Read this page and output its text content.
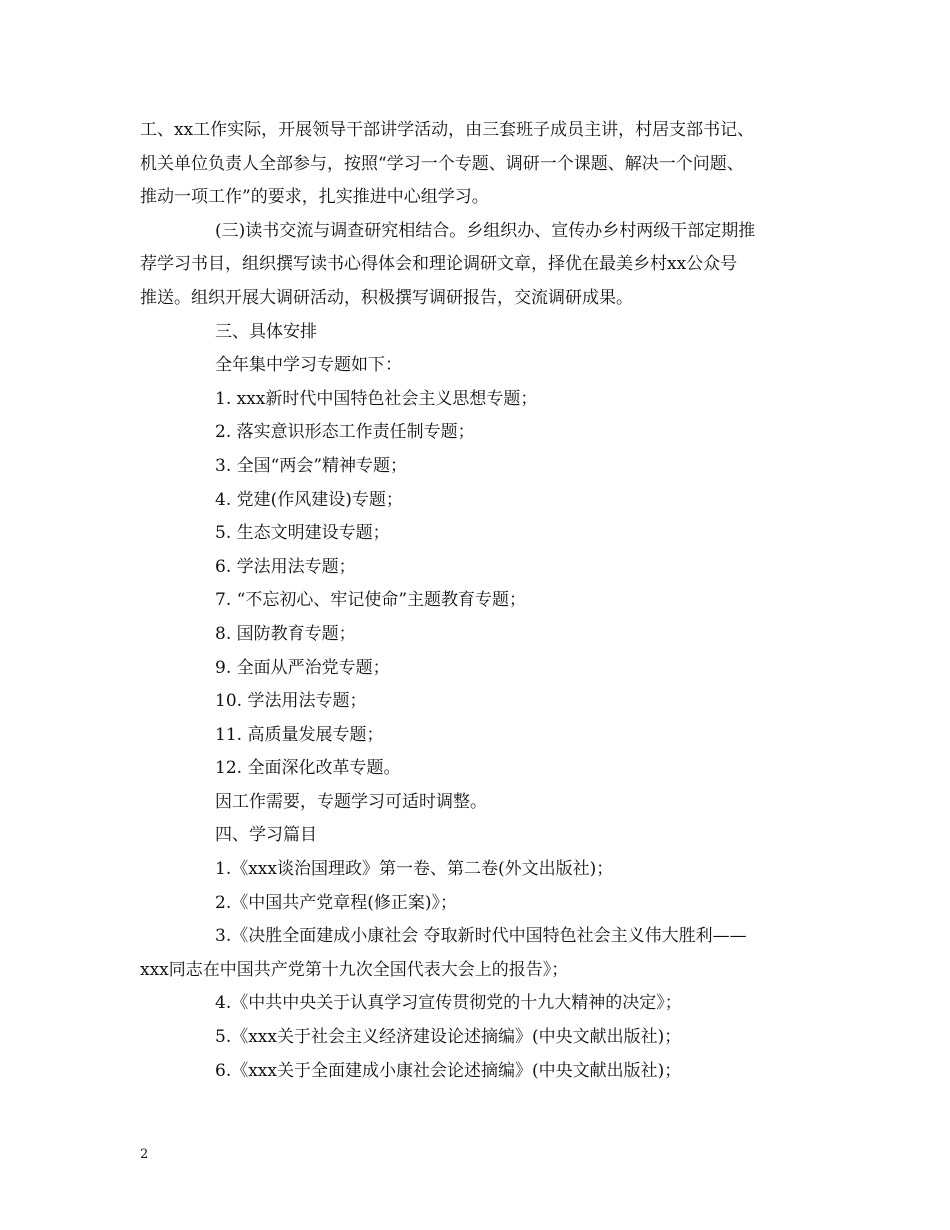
工、xx工作实际，开展领导干部讲学活动，由三套班子成员主讲，村居支部书记、
机关单位负责人全部参与，按照“学习一个专题、调研一个课题、解决一个问题、
推动一项工作”的要求，扎实推进中心组学习。
(三)读书交流与调查研究相结合。乡组织办、宣传办乡村两级干部定期推
荐学习书目，组织撰写读书心得体会和理论调研文章，择优在最美乡村xx公众号
推送。组织开展大调研活动，积极撰写调研报告，交流调研成果。
三、具体安排
全年集中学习专题如下：
1. xxx新时代中国特色社会主义思想专题；
2. 落实意识形态工作责任制专题；
3. 全国“两会”精神专题；
4. 党建(作风建设)专题；
5. 生态文明建设专题；
6. 学法用法专题；
7. “不忘初心、牢记使命”主题教育专题；
8. 国防教育专题；
9. 全面从严治党专题；
10. 学法用法专题；
11. 高质量发展专题；
12. 全面深化改革专题。
因工作需要，专题学习可适时调整。
四、学习篇目
1.《xxx谈治国理政》第一卷、第二卷(外文出版社)；
2.《中国共产党章程(修正案)》；
3.《决胜全面建成小康社会 夺取新时代中国特色社会主义伟大胜利——
xxx同志在中国共产党第十九次全国代表大会上的报告》；
4.《中共中央关于认真学习宣传贯彻党的十九大精神的决定》；
5.《xxx关于社会主义经济建设论述摘编》(中央文献出版社)；
6.《xxx关于全面建成小康社会论述摘编》(中央文献出版社)；
2
